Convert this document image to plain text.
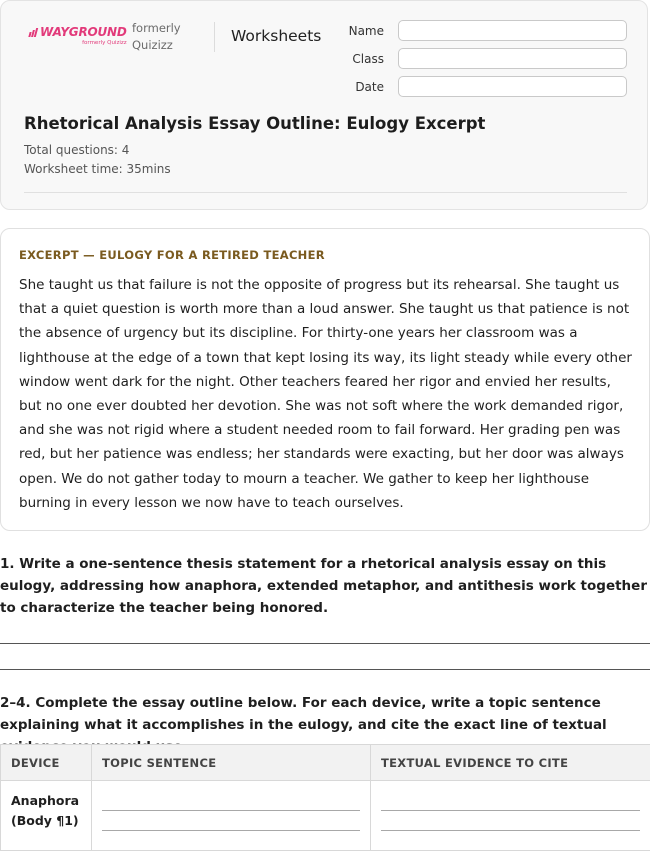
WAYGROUND
formerly Quizizz
formerly Quizizz	Worksheets Name
Class
Date
Rhetorical Analysis Essay Outline: Eulogy Excerpt
Total questions: 4
Worksheet time: 35mins
EXCERPT — EULOGY FOR A RETIRED TEACHER
She taught us that failure is not the opposite of progress but its rehearsal. She taught us that a quiet question is worth more than a loud answer. She taught us that patience is not the absence of urgency but its discipline. For thirty-one years her classroom was a lighthouse at the edge of a town that kept losing its way, its light steady while every other window went dark for the night. Other teachers feared her rigor and envied her results, but no one ever doubted her devotion. She was not soft where the work demanded rigor, and she was not rigid where a student needed room to fail forward. Her grading pen was red, but her patience was endless; her standards were exacting, but her door was always open. We do not gather today to mourn a teacher. We gather to keep her lighthouse burning in every lesson we now have to teach ourselves.
1. Write a one-sentence thesis statement for a rhetorical analysis essay on this eulogy, addressing how anaphora, extended metaphor, and antithesis work together to characterize the teacher being honored.
2–4. Complete the essay outline below. For each device, write a topic sentence explaining what it accomplishes in the eulogy, and cite the exact line of textual
DEVICE	TOPIC SENTENCE	TEXTUAL EVIDENCE TO CITE

Anaphora (Body ¶1)		
